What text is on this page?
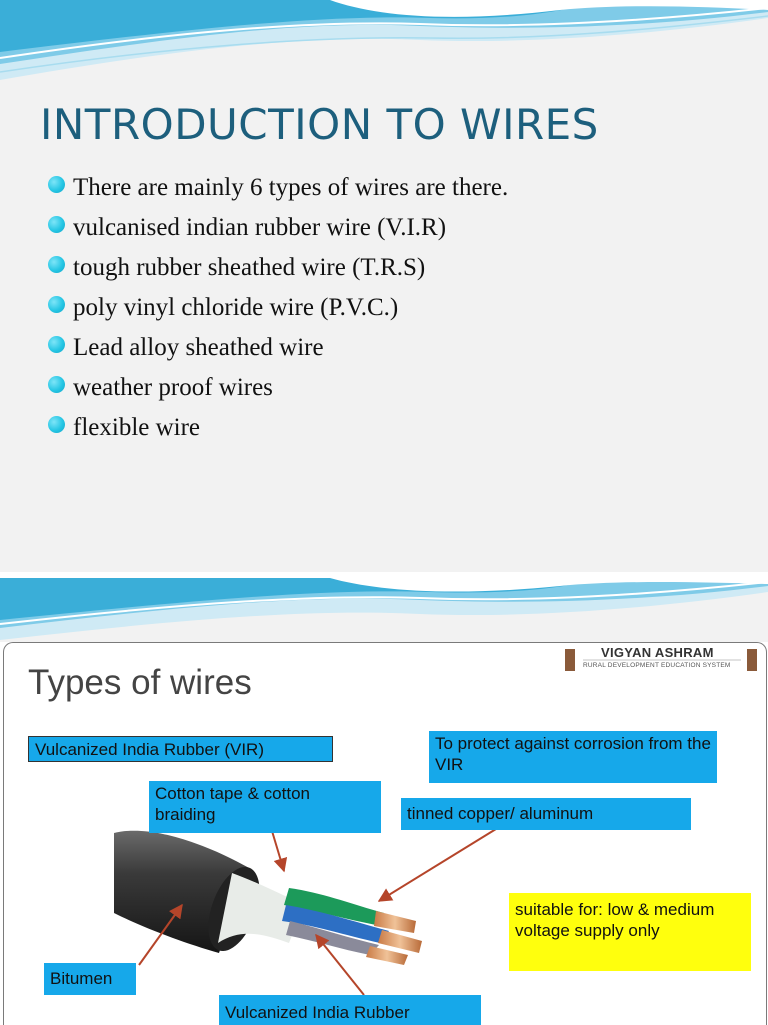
INTRODUCTION TO WIRES
There are mainly 6 types of wires are there.
vulcanised indian rubber wire (V.I.R)
tough rubber sheathed wire (T.R.S)
poly vinyl chloride wire (P.V.C.)
Lead alloy sheathed wire
weather proof wires
flexible wire
Types of wires
VIGYAN ASHRAM
RURAL DEVELOPMENT EDUCATION SYSTEM
Vulcanized India Rubber (VIR)	To protect against corrosion from the VIR
Cotton tape & cotton braiding	tinned copper/ aluminum
suitable for: low & medium voltage supply only
Bitumen
Vulcanized India Rubber
